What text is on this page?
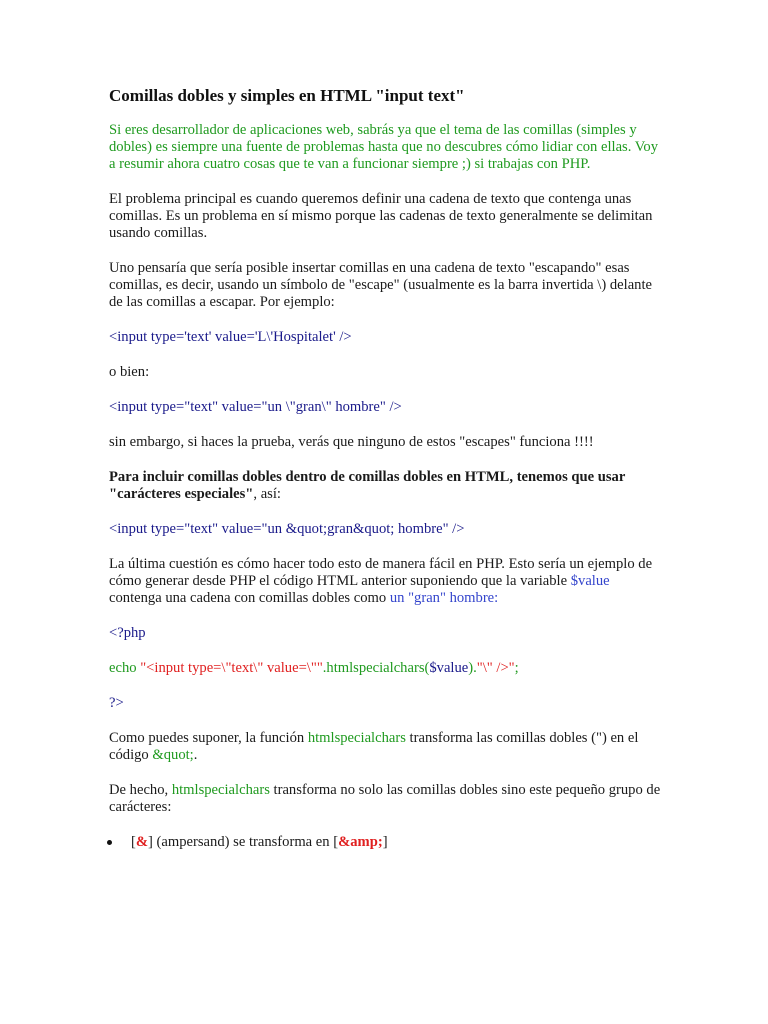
Comillas dobles y simples en HTML "input text"

Si eres desarrollador de aplicaciones web, sabrás ya que el tema de las comillas (simples y dobles) es siempre una fuente de problemas hasta que no descubres cómo lidiar con ellas. Voy a resumir ahora cuatro cosas que te van a funcionar siempre ;) si trabajas con PHP.

El problema principal es cuando queremos definir una cadena de texto que contenga unas comillas. Es un problema en sí mismo porque las cadenas de texto generalmente se delimitan usando comillas.

Uno pensaría que sería posible insertar comillas en una cadena de texto "escapando" esas comillas, es decir, usando un símbolo de "escape" (usualmente es la barra invertida \) delante de las comillas a escapar. Por ejemplo:

<input type='text' value='L\'Hospitalet' />

o bien:

<input type="text" value="un \"gran\" hombre" />

sin embargo, si haces la prueba, verás que ninguno de estos "escapes" funciona !!!!

Para incluir comillas dobles dentro de comillas dobles en HTML, tenemos que usar "carácteres especiales", así:

<input type="text" value="un &quot;gran&quot; hombre" />

La última cuestión es cómo hacer todo esto de manera fácil en PHP. Esto sería un ejemplo de cómo generar desde PHP el código HTML anterior suponiendo que la variable $value contenga una cadena con comillas dobles como un "gran" hombre:

<?php

echo "<input type=\"text\" value=\"".htmlspecialchars($value)."\" />";

?>

Como puedes suponer, la función htmlspecialchars transforma las comillas dobles (") en el código &quot;.

De hecho, htmlspecialchars transforma no solo las comillas dobles sino este pequeño grupo de carácteres:

[&] (ampersand) se transforma en [&amp;]
